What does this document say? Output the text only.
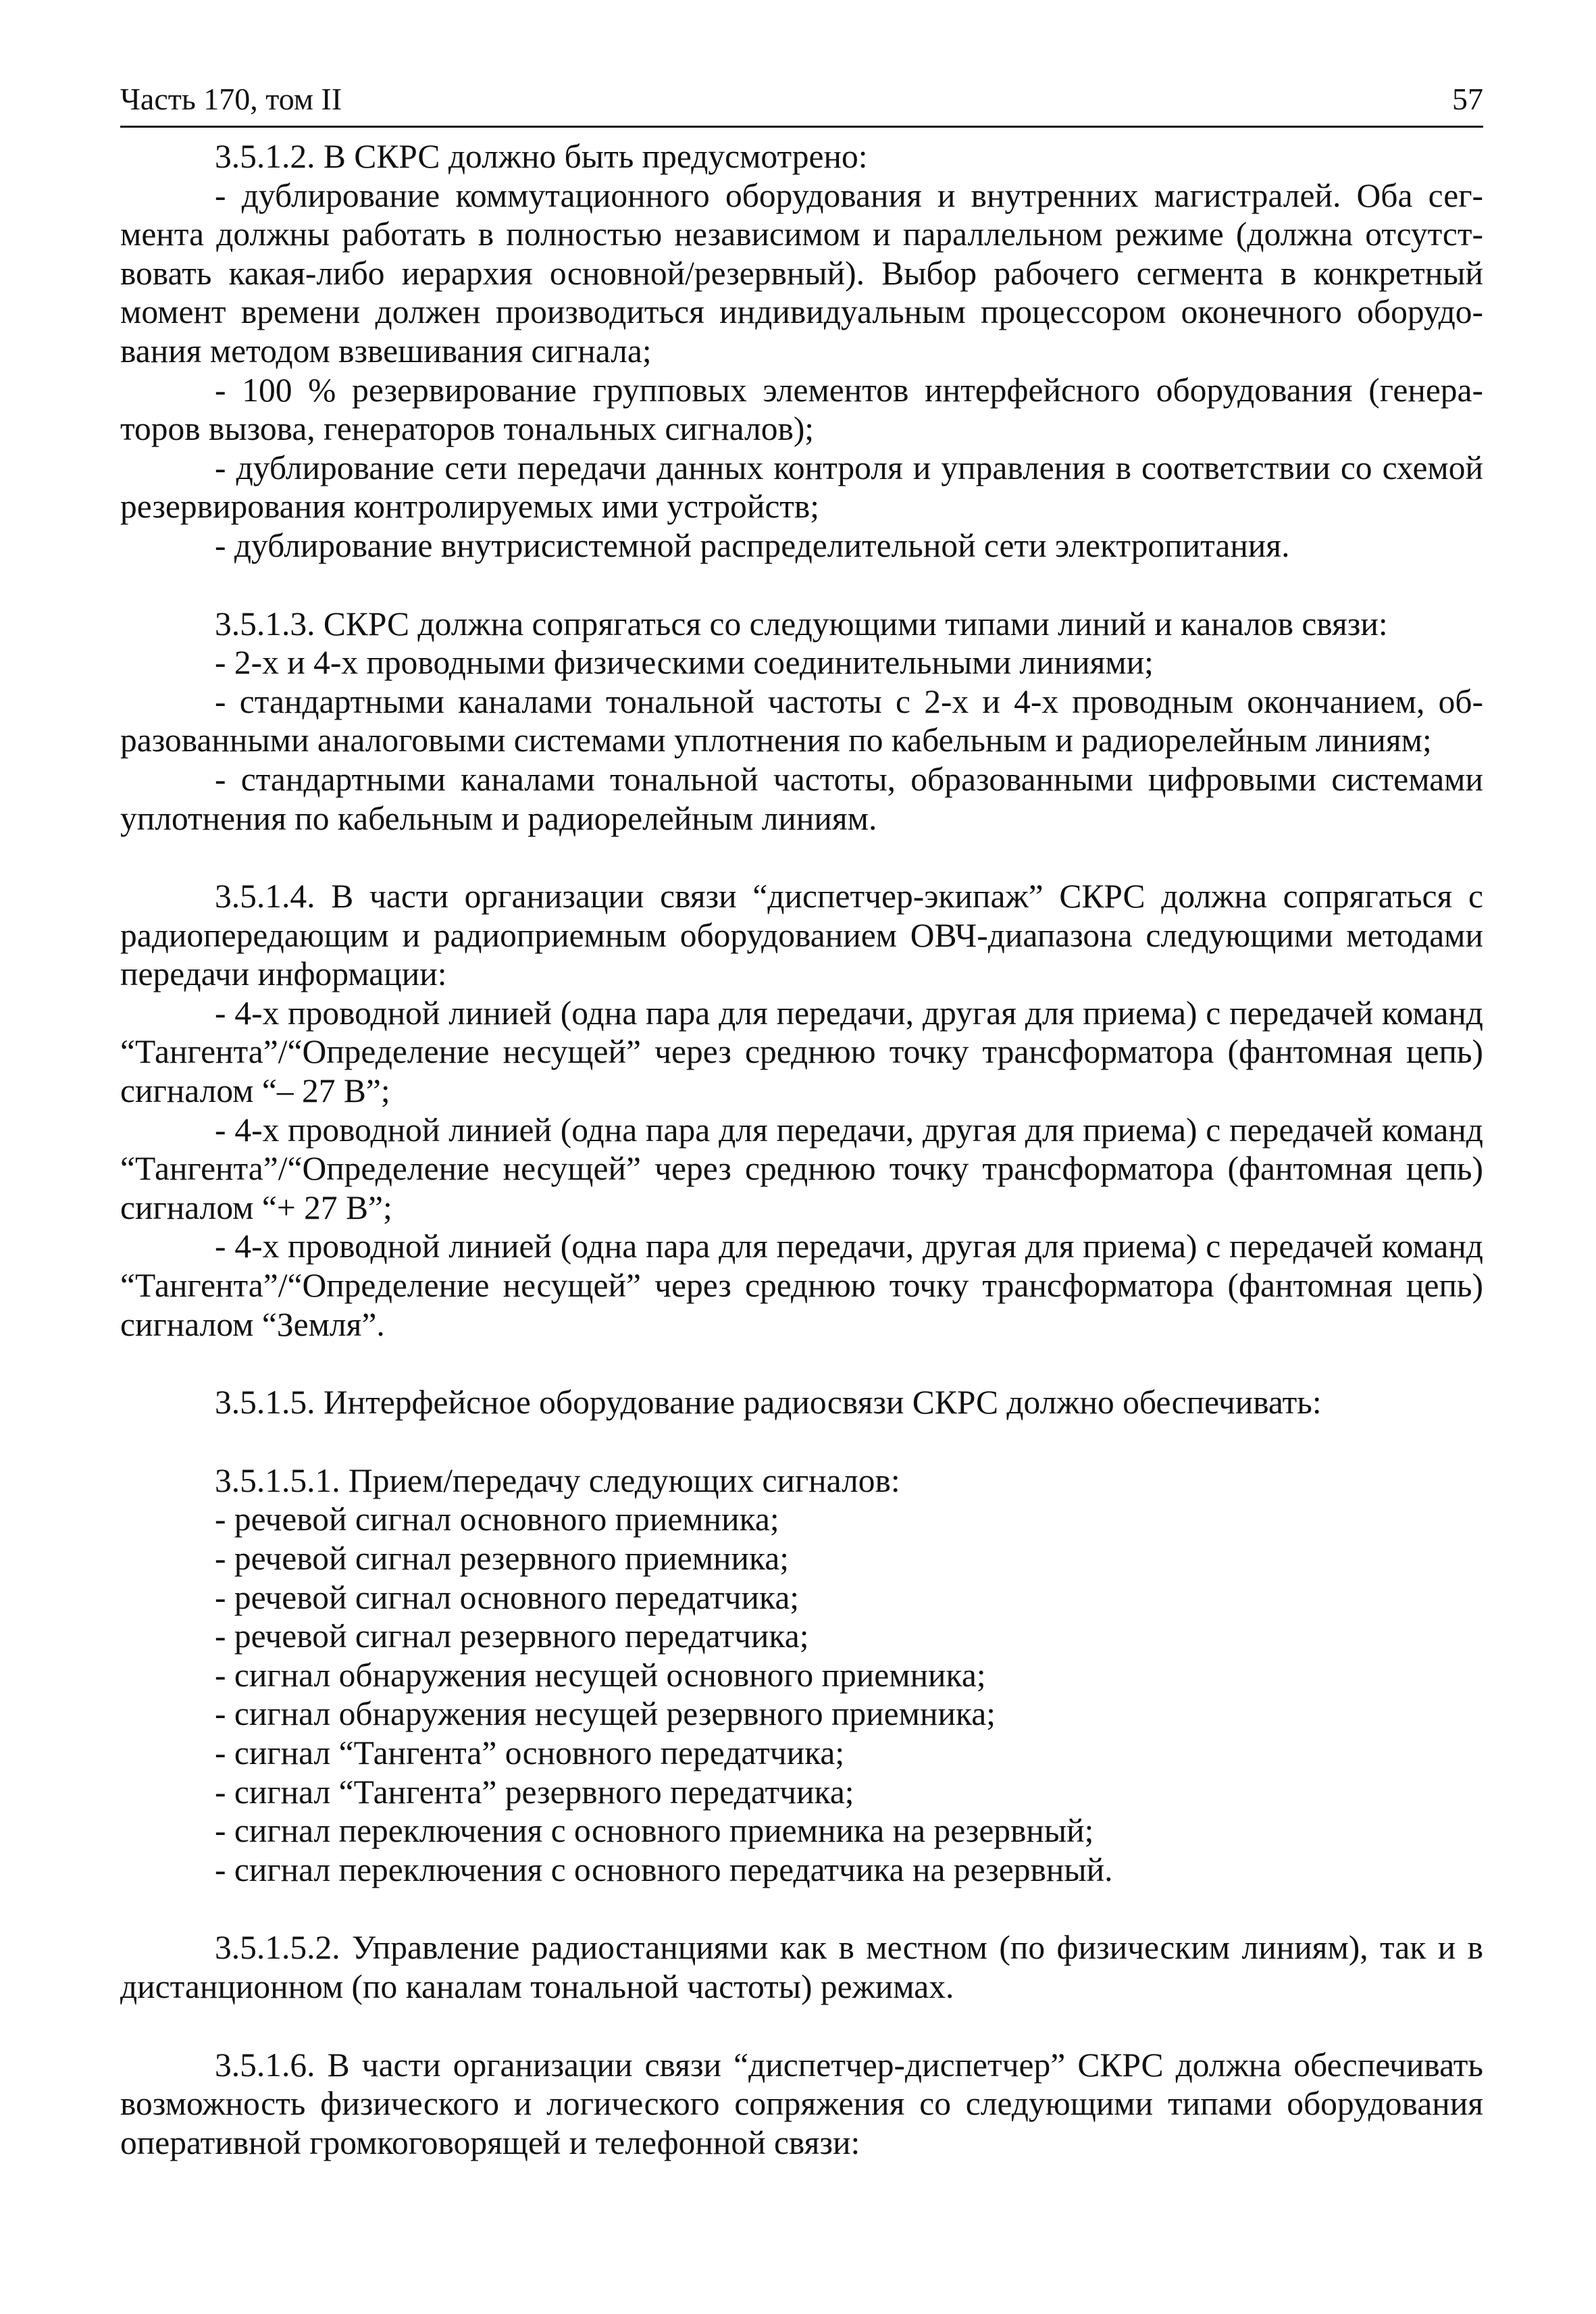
Часть 170, том II	57

3.5.1.2. В СКРС должно быть предусмотрено:

- дублирование коммутационного оборудования и внутренних магистралей. Оба сегмента должны работать в полностью независимом и параллельном режиме (должна отсутствовать какая-либо иерархия основной/резервный). Выбор рабочего сегмента в конкретный момент времени должен производиться индивидуальным процессором оконечного оборудования методом взвешивания сигнала;

- 100 % резервирование групповых элементов интерфейсного оборудования (генераторов вызова, генераторов тональных сигналов);

- дублирование сети передачи данных контроля и управления в соответствии со схемой резервирования контролируемых ими устройств;

- дублирование внутрисистемной распределительной сети электропитания.

3.5.1.3. СКРС должна сопрягаться со следующими типами линий и каналов связи:

- 2-х и 4-х проводными физическими соединительными линиями;

- стандартными каналами тональной частоты с 2-х и 4-х проводным окончанием, образованными аналоговыми системами уплотнения по кабельным и радиорелейным линиям;

- стандартными каналами тональной частоты, образованными цифровыми системами уплотнения по кабельным и радиорелейным линиям.

3.5.1.4. В части организации связи “диспетчер-экипаж” СКРС должна сопрягаться с радиопередающим и радиоприемным оборудованием ОВЧ-диапазона следующими методами передачи информации:

- 4-х проводной линией (одна пара для передачи, другая для приема) с передачей команд “Тангента”/“Определение несущей” через среднюю точку трансформатора (фантомная цепь) сигналом “– 27 В”;

- 4-х проводной линией (одна пара для передачи, другая для приема) с передачей команд “Тангента”/“Определение несущей” через среднюю точку трансформатора (фантомная цепь) сигналом “+ 27 В”;

- 4-х проводной линией (одна пара для передачи, другая для приема) с передачей команд “Тангента”/“Определение несущей” через среднюю точку трансформатора (фантомная цепь) сигналом “Земля”.

3.5.1.5. Интерфейсное оборудование радиосвязи СКРС должно обеспечивать:

3.5.1.5.1. Прием/передачу следующих сигналов:

- речевой сигнал основного приемника;

- речевой сигнал резервного приемника;

- речевой сигнал основного передатчика;

- речевой сигнал резервного передатчика;

- сигнал обнаружения несущей основного приемника;

- сигнал обнаружения несущей резервного приемника;

- сигнал “Тангента” основного передатчика;

- сигнал “Тангента” резервного передатчика;

- сигнал переключения с основного приемника на резервный;

- сигнал переключения с основного передатчика на резервный.

3.5.1.5.2. Управление радиостанциями как в местном (по физическим линиям), так и в дистанционном (по каналам тональной частоты) режимах.

3.5.1.6. В части организации связи “диспетчер-диспетчер” СКРС должна обеспечивать возможность физического и логического сопряжения со следующими типами оборудования оперативной громкоговорящей и телефонной связи:
